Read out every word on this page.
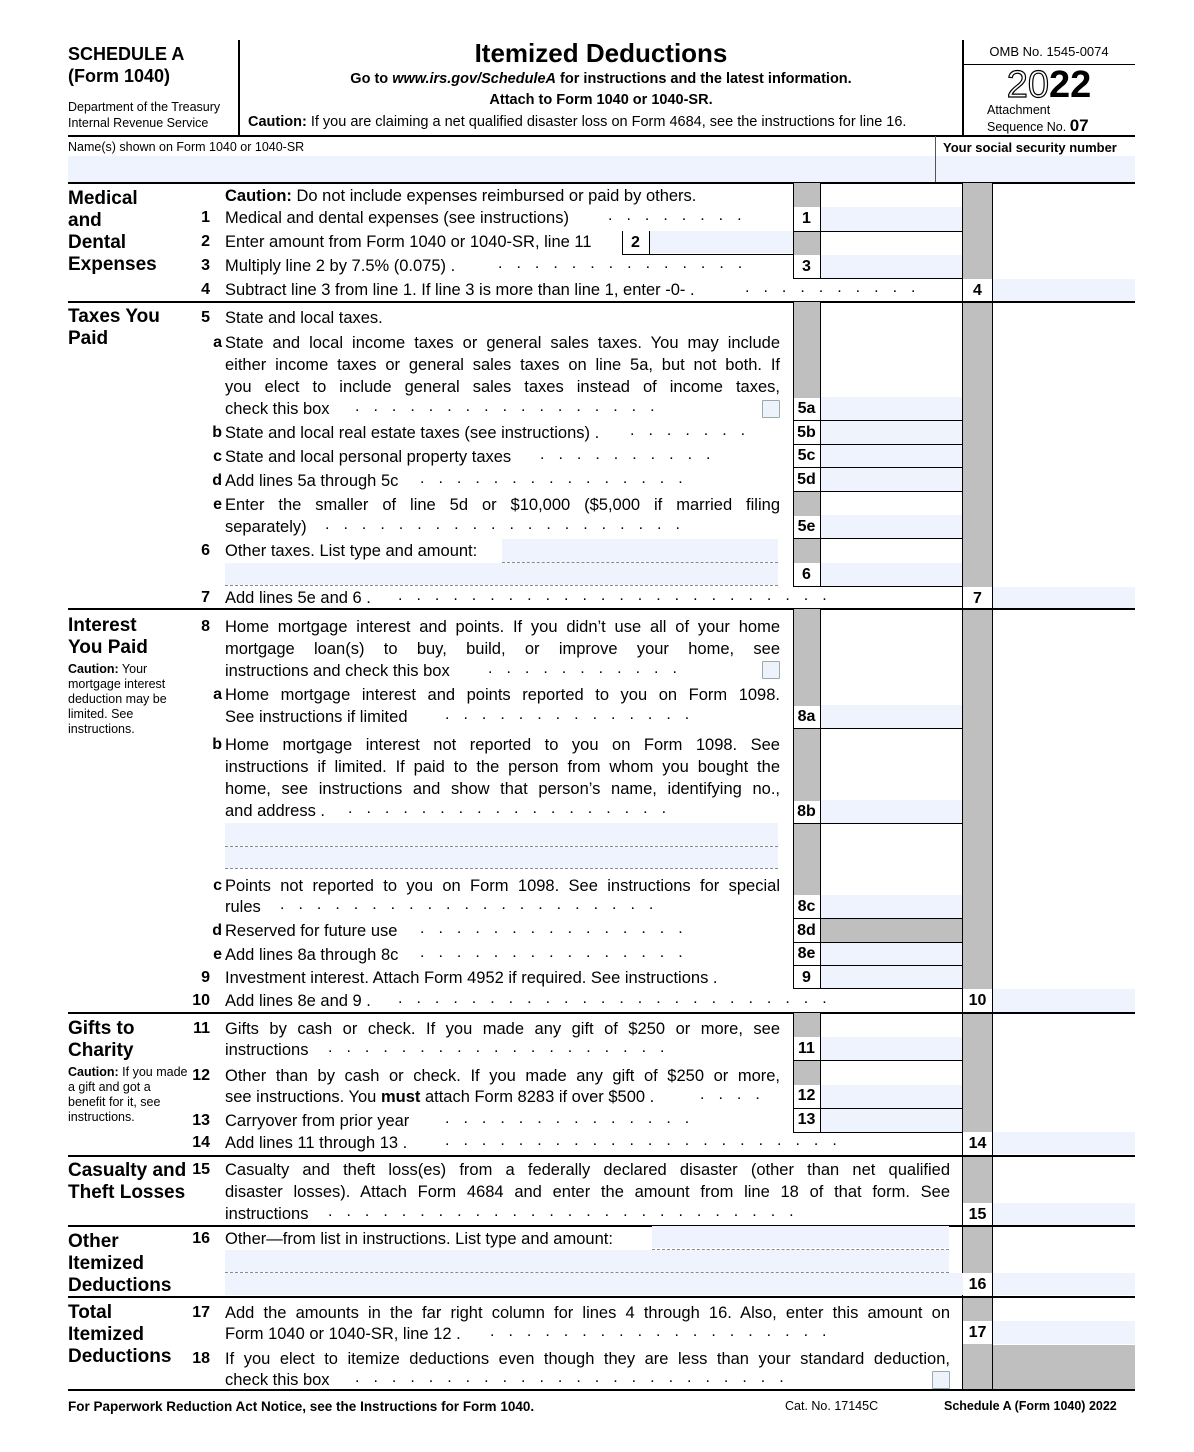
SCHEDULE A
(Form 1040)
Department of the Treasury
Internal Revenue Service
Itemized Deductions
Go to www.irs.gov/ScheduleA for instructions and the latest information.
Attach to Form 1040 or 1040-SR.
Caution: If you are claiming a net qualified disaster loss on Form 4684, see the instructions for line 16.
OMB No. 1545-0074
2022
Attachment
Sequence No. 07
Name(s) shown on Form 1040 or 1040-SR	Your social security number
Medical
and
Dental
Expenses
Caution: Do not include expenses reimbursed or paid by others.
1 Medical and dental expenses (see instructions) ........	1
2 Enter amount from Form 1040 or 1040-SR, line 11	2
3 Multiply line 2 by 7.5% (0.075) .	..............	3
4 Subtract line 3 from line 1. If line 3 is more than line 1, enter -0- .	..........	4
Taxes You
Paid
5 State and local taxes.
a State and local income taxes or general sales taxes. You may include
either income taxes or general sales taxes on line 5a, but not both. If
you elect to include general sales taxes instead of income taxes,
check this box .................	5a
b State and local real estate taxes (see instructions) . .......	5b
c State and local personal property taxes ..........	5c
d Add lines 5a through 5c ...............	5d
e Enter the smaller of line 5d or $10,000 ($5,000 if married filing
separately) ....................	5e
6 Other taxes. List type and amount:
6
7 Add lines 5e and 6 . ........................	7
Interest
You Paid
Caution: Your mortgage interest deduction may be limited. See instructions.
8 Home mortgage interest and points. If you didn’t use all of your home
mortgage loan(s) to buy, build, or improve your home, see
instructions and check this box ...........
a Home mortgage interest and points reported to you on Form 1098.
See instructions if limited ..............	8a
b Home mortgage interest not reported to you on Form 1098. See
instructions if limited. If paid to the person from whom you bought the
home, see instructions and show that person’s name, identifying no.,
and address . ..................	8b
c Points not reported to you on Form 1098. See instructions for special
rules .....................	8c
d Reserved for future use ...............	8d
e Add lines 8a through 8c ...............	8e
9 Investment interest. Attach Form 4952 if required. See instructions .	9
10 Add lines 8e and 9 . ........................	10
Gifts to
Charity
Caution: If you made a gift and got a benefit for it, see instructions.
11 Gifts by cash or check. If you made any gift of $250 or more, see
instructions ...................	11
12 Other than by cash or check. If you made any gift of $250 or more,
see instructions. You must attach Form 8283 if over $500 .	....	12
13 Carryover from prior year ..............	13
14 Add lines 11 through 13 . ......................	14
Casualty and
Theft Losses
15 Casualty and theft loss(es) from a federally declared disaster (other than net qualified
disaster losses). Attach Form 4684 and enter the amount from line 18 of that form. See
instructions ..........................	15
Other
Itemized
Deductions
16 Other—from list in instructions. List type and amount:
16
Total
Itemized
Deductions
17 Add the amounts in the far right column for lines 4 through 16. Also, enter this amount on
Form 1040 or 1040-SR, line 12 . ...................	17
18 If you elect to itemize deductions even though they are less than your standard deduction,
check this box ........................
For Paperwork Reduction Act Notice, see the Instructions for Form 1040.	Cat. No. 17145C	Schedule A (Form 1040) 2022
